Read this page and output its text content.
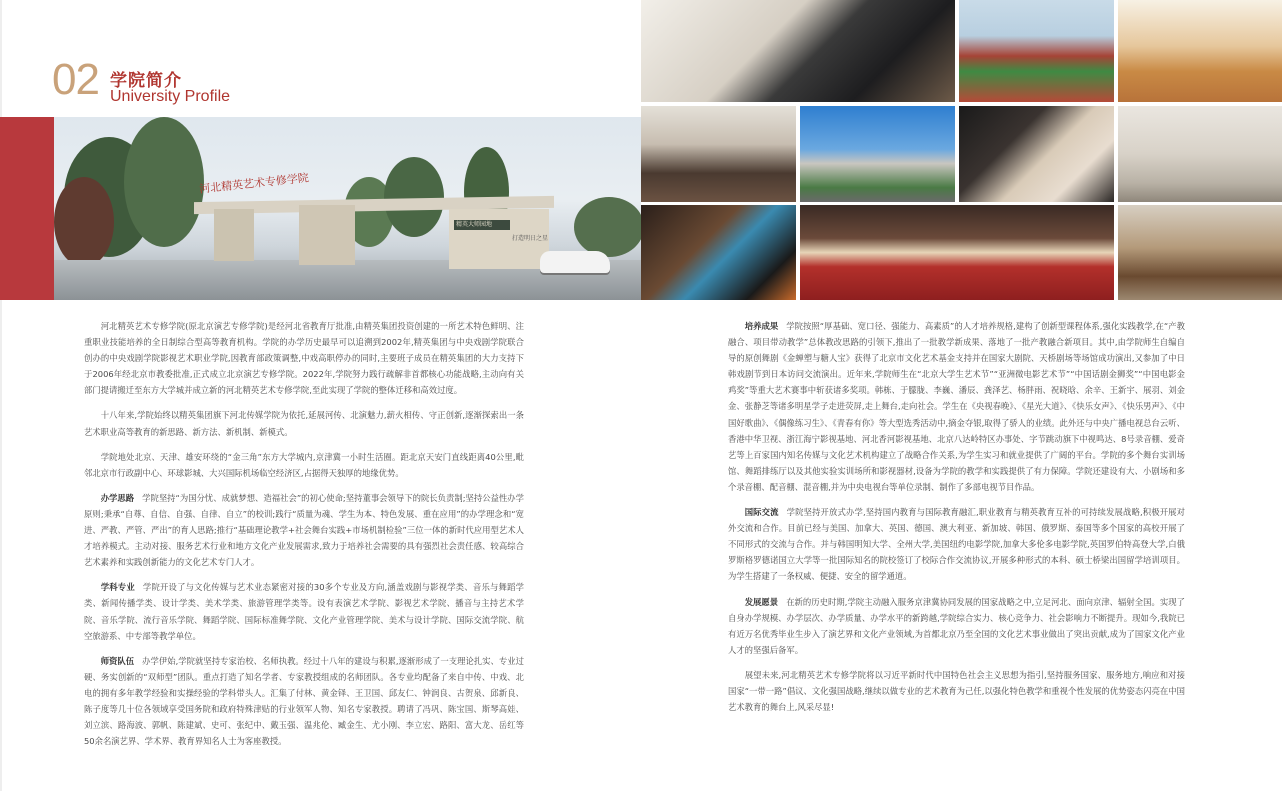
02 学院简介
University Profile
河北精英艺术专修学院
精英大师园地
打造明日之星

河北精英艺术专修学院(原北京演艺专修学院)是经河北省教育厅批准,由精英集团投资创建的一所艺术特色鲜明、注重职业技能培养的全日制综合型高等教育机构。学院的办学历史最早可以追溯到2002年,精英集团与中央戏剧学院联合创办的中央戏剧学院影视艺术职业学院,因教育部政策调整,中戏高职停办的同时,主要班子成员在精英集团的大力支持下于2006年经北京市教委批准,正式成立北京演艺专修学院。2022年,学院努力践行疏解非首都核心功能战略,主动向有关部门提请搬迁至东方大学城并成立新的河北精英艺术专修学院,至此实现了学院的整体迁移和高效过度。

十八年来,学院始终以精英集团旗下河北传媒学院为依托,延展河传、北演魅力,薪火相传、守正创新,逐渐探索出一条艺术职业高等教育的新思路、新方法、新机制、新模式。

学院地处北京、天津、雄安环绕的“金三角”东方大学城内,京津冀一小时生活圈。距北京天安门直线距离40公里,毗邻北京市行政副中心、环球影城、大兴国际机场临空经济区,占据得天独厚的地缘优势。

办学思路 学院坚持“为国分忧、成就梦想、造福社会”的初心使命;坚持董事会领导下的院长负责制;坚持公益性办学原则;秉承“自尊、自信、自强、自律、自立”的校训;践行“质量为魂、学生为本、特色发展、重在应用”的办学理念和“宽进、严教、严管、严出”的育人思路;推行“基础理论教学+社会舞台实践+市场机制检验”三位一体的新时代应用型艺术人才培养模式。主动对接、服务艺术行业和地方文化产业发展需求,致力于培养社会需要的具有强烈社会责任感、较高综合艺术素养和实践创新能力的文化艺术专门人才。

学科专业 学院开设了与文化传媒与艺术业态紧密对接的30多个专业及方向,涵盖戏剧与影视学类、音乐与舞蹈学类、新闻传播学类、设计学类、美术学类、旅游管理学类等。设有表演艺术学院、影视艺术学院、播音与主持艺术学院、音乐学院、流行音乐学院、舞蹈学院、国际标准舞学院、文化产业管理学院、美术与设计学院、国际交流学院、航空旅游系、中专部等教学单位。

师资队伍 办学伊始,学院就坚持专家治校、名师执教。经过十八年的建设与积累,逐渐形成了一支理论扎实、专业过硬、务实创新的“双师型”团队。重点打造了知名学者、专家教授组成的名师团队。各专业均配备了来自中传、中戏、北电的拥有多年教学经验和实操经验的学科带头人。汇集了付林、黄金铎、王卫国、邱友仁、钟润良、古贺泉、邱新良、陈子度等几十位各领域享受国务院和政府特殊津贴的行业领军人物、知名专家教授。聘请了冯巩、陈宝国、斯琴高娃、刘立滨、路海波、郭帆、陈建斌、史可、张纪中、戴玉强、温兆伦、臧金生、尤小刚、李立宏、路阳、富大龙、岳红等50余名演艺界、学术界、教育界知名人士为客座教授。

培养成果 学院按照“厚基础、宽口径、强能力、高素质”的人才培养规格,建构了创新型课程体系,强化实践教学,在“产教融合、项目带动教学”总体教改思路的引领下,推出了一批教学新成果、落地了一批产教融合新项目。其中,由学院师生自编自导的原创舞剧《金蝉塑与糖人宝》获得了北京市文化艺术基金支持并在国家大剧院、天桥剧场等场馆成功演出,又参加了中日韩戏剧节到日本访问交流演出。近年来,学院师生在“北京大学生艺术节”“亚洲微电影艺术节”“中国话剧金狮奖”“中国电影金鸡奖”等重大艺术赛事中斩获诸多奖项。韩栋、于朦胧、李巍、潘辰、龚泽艺、杨胖雨、祝晓晗、余辛、王新宇、展羽、刘金金、张静芝等诸多明星学子走进荧屏,走上舞台,走向社会。学生在《央视春晚》、《星光大道》、《快乐女声》、《快乐男声》、《中国好歌曲》、《偶像练习生》、《青春有你》等大型选秀活动中,摘金夺银,取得了骄人的业绩。此外还与中央广播电视总台云听、香港中华卫视、浙江海宁影视基地、河北香河影视基地、北京八达岭特区办事处、字节跳动旗下中视鸣达、8号录音棚、爱奇艺等上百家国内知名传媒与文化艺术机构建立了战略合作关系,为学生实习和就业提供了广阔的平台。学院的多个舞台实训场馆、舞蹈排练厅以及其他实验实训场所和影视器材,设备为学院的教学和实践提供了有力保障。学院还建设有大、小剧场和多个录音棚、配音棚、混音棚,并为中央电视台等单位录制、制作了多部电视节目作品。

国际交流 学院坚持开放式办学,坚持国内教育与国际教育融汇,职业教育与精英教育互补的可持续发展战略,积极开展对外交流和合作。目前已经与美国、加拿大、英国、德国、澳大利亚、新加坡、韩国、俄罗斯、泰国等多个国家的高校开展了不同形式的交流与合作。并与韩国明知大学、全州大学,美国纽约电影学院,加拿大多伦多电影学院,英国罗伯特高登大学,白俄罗斯格罗德诺国立大学等一批国际知名的院校签订了校际合作交流协议,开展多种形式的本科、硕士桥梁出国留学培训项目。为学生搭建了一条权威、便捷、安全的留学通道。

发展愿景 在新的历史时期,学院主动融入服务京津冀协同发展的国家战略之中,立足河北、面向京津、辐射全国。实现了自身办学规模、办学层次、办学质量、办学水平的新跨越,学院综合实力、核心竞争力、社会影响力不断提升。现如今,我院已有近万名优秀毕业生步入了演艺界和文化产业领域,为首都北京乃至全国的文化艺术事业做出了突出贡献,成为了国家文化产业人才的坚强后备军。

展望未来,河北精英艺术专修学院将以习近平新时代中国特色社会主义思想为指引,坚持服务国家、服务地方,响应和对接国家“一带一路”倡议、文化强国战略,继续以做专业的艺术教育为己任,以强化特色教学和重视个性发展的优势姿态闪亮在中国艺术教育的舞台上,风采尽显!
